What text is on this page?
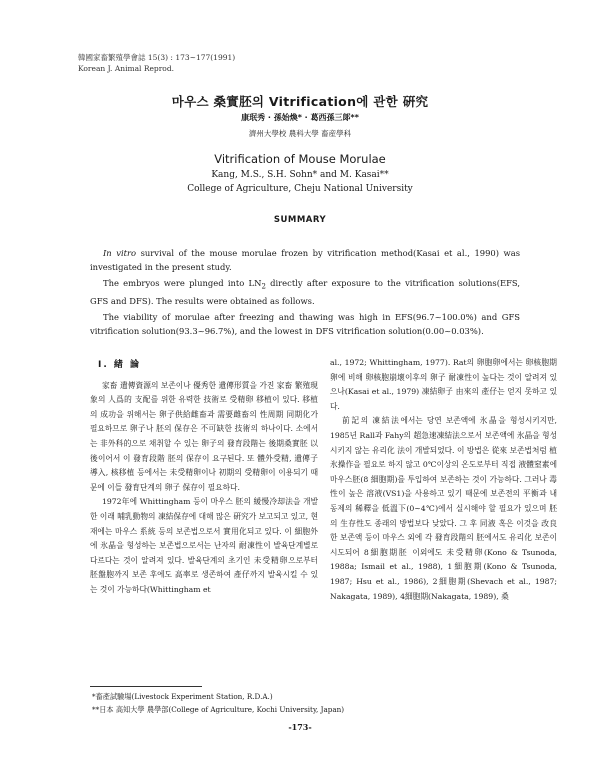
韓國家畜繁殖學會誌 15(3) : 173~177(1991)
Korean J. Animal Reprod.
마우스 桑實胚의 Vitrification에 관한 硏究
康珉秀 · 孫始煥* · 葛西孫三郞**
濟州大學校 農科大學 畜産學科
Vitrification of Mouse Morulae
Kang, M.S., S.H. Sohn* and M. Kasai**
College of Agriculture, Cheju National University
SUMMARY

In vitro survival of the mouse morulae frozen by vitrification method(Kasai et al., 1990) was investigated in the present study.

The embryos were plunged into $LN_2$ directly after exposure to the vitrification solutions(EFS, GFS and DFS). The results were obtained as follows.

The viability of morulae after freezing and thawing was high in EFS(96.7~100.0%) and GFS vitrification solution(93.3~96.7%), and the lowest in DFS vitrification solution(0.00~0.03%).

Ⅰ. 緖 論

家畜 遺傳資源의 보존이나 優秀한 遺傳形質을 가진 家畜 繁殖現象의 人爲的 支配를 위한 유력한 技術로 受精卵 移植이 있다. 移植의 成功을 위해서는 卵子供給雌畜과 需要雌畜의 性周期 同期化가 필요하므로 卵子나 胚의 保存은 不可缺한 技術의 하나이다. 소에서는 非外科的으로 채취할 수 있는 卵子의 發育段階는 後期桑實胚 以後이어서 이 發育段階 胚의 保存이 요구된다. 또 體外受精, 遺傳子導入, 核移植 등에서는 未受精卵이나 初期의 受精卵이 이용되기 때문에 이들 發育단계의 卵子 保存이 필요하다.

1972年에 Whittingham 등이 마우스 胚의 緩慢冷却法을 개발한 이래 哺乳動物의 凍結保存에 대해 많은 硏究가 보고되고 있고, 현재에는 마우스 系統 등의 보존법으로서 實用化되고 있다. 이 細胞外에 氷晶을 형성하는 보존법으로서는 난자의 耐凍性이 발육단계별로 다르다는 것이 알려져 있다. 발육단계의 초기인 未受精卵으로부터 胚盤胞까지 보존 후에도 高率로 생존하여 產仔까지 발육시킬 수 있는 것이 가능하다(Whittingham et

al., 1972; Whittingham, 1977). Rat의 卵胞卵에서는 卵核胞期卵에 비해 卵核胞崩壞이후의 卵子 耐凍性이 높다는 것이 알려져 있으나(Kasai et al., 1979) 凍結卵子 由來의 產仔는 얻지 못하고 있다.

前記의 凍結法에서는 당연 보존액에 氷晶을 형성시키지만, 1985년 Rall과 Fahy의 超急速凍結法으로서 보존액에 氷晶을 형성시키지 않는 유리化 法이 개발되었다. 이 방법은 從來 보존법처럼 植氷操作을 필요로 하지 않고 0℃이상의 온도로부터 직접 液體窒素에 마우스胚(8 細胞期)를 투입하여 보존하는 것이 가능하다. 그러나 毒性이 높은 溶液(VS1)을 사용하고 있기 때문에 보존전의 平衡과 내동제의 稀釋을 低溫下(0~4℃)에서 실시해야 할 필요가 있으며 胚의 生存性도 종래의 방법보다 낮았다. 그 후 同液 혹은 이것을 改良한 보존액 등이 마우스 외에 각 發育段階의 胚에서도 유리化 보존이 시도되어 8細胞期胚 이외에도 未受精卵(Kono & Tsunoda, 1988a; Ismail et al., 1988), 1細胞期(Kono & Tsunoda, 1987; Hsu et al., 1986), 2細胞期(Shevach et al., 1987; Nakagata, 1989), 4細胞期(Nakagata, 1989), 桑

*畜產試驗場(Livestock Experiment Station, R.D.A.)
**日本 高知大學 農學部(College of Agriculture, Kochi University, Japan)
-173-
